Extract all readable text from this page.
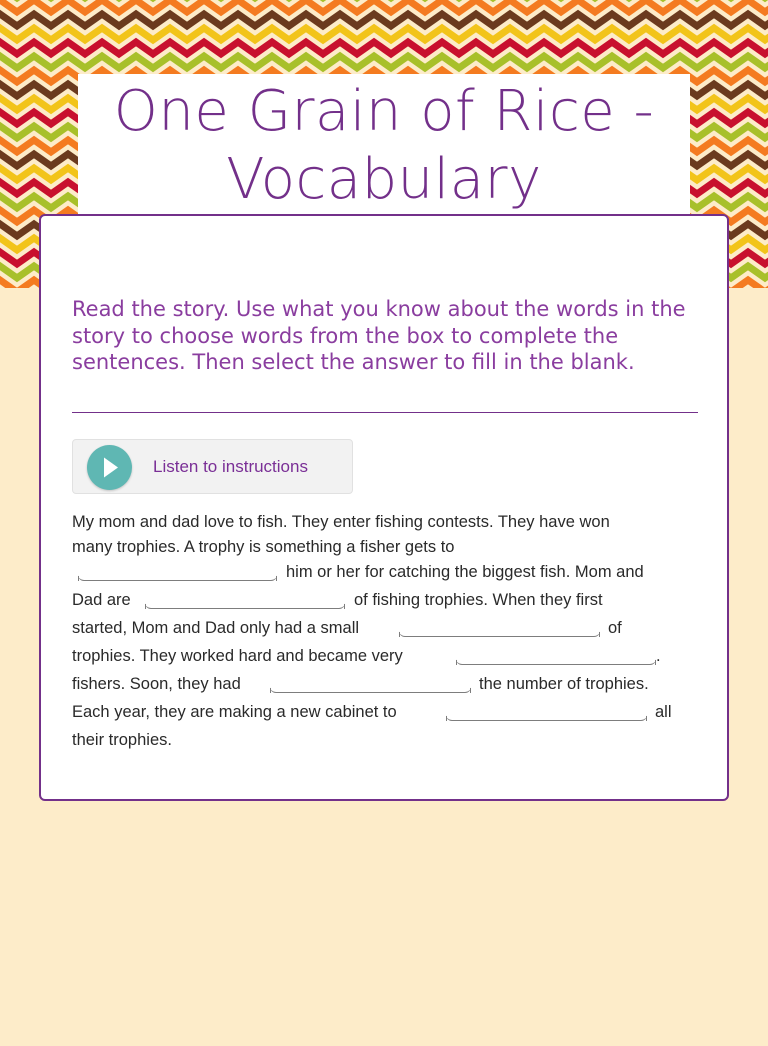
One Grain of Rice -
Vocabulary

Read the story. Use what you know about the words in the story to choose words from the box to complete the sentences. Then select the answer to fill in the blank.

Listen to instructions
My mom and dad love to fish. They enter fishing contests. They have won
many trophies. A trophy is something a fisher gets to
him or her for catching the biggest fish. Mom and
Dad are	of fishing trophies. When they first
started, Mom and Dad only had a small	of
trophies. They worked hard and became very	.
fishers. Soon, they had	the number of trophies.
Each year, they are making a new cabinet to	all
their trophies.
